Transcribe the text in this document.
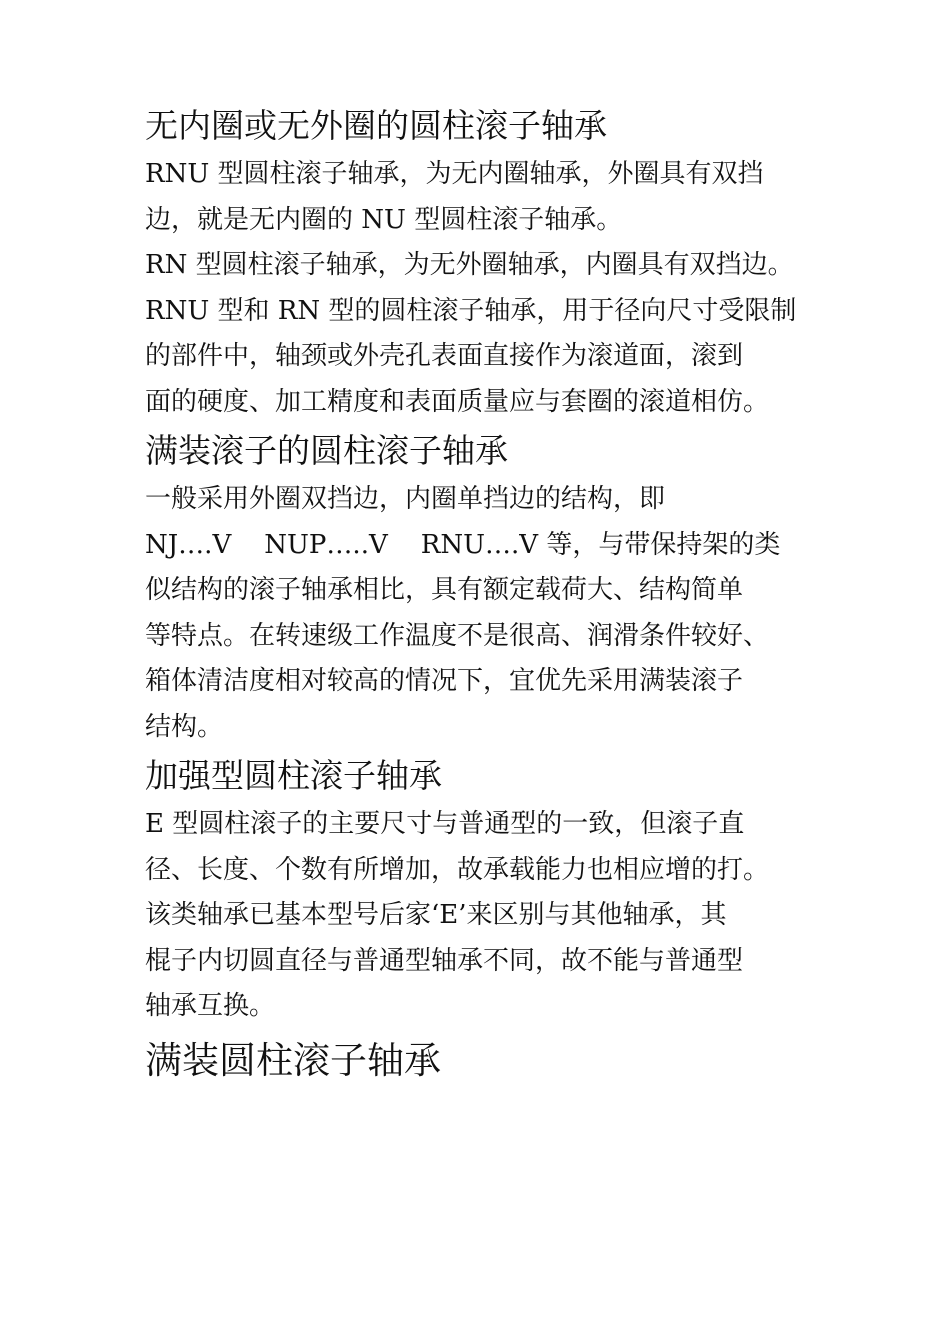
无内圈或无外圈的圆柱滚子轴承

RNU 型圆柱滚子轴承，为无内圈轴承，外圈具有双挡
边，就是无内圈的 NU 型圆柱滚子轴承。

RN 型圆柱滚子轴承，为无外圈轴承，内圈具有双挡边。

RNU 型和 RN 型的圆柱滚子轴承，用于径向尺寸受限制
的部件中，轴颈或外壳孔表面直接作为滚道面，滚到
面的硬度、加工精度和表面质量应与套圈的滚道相仿。

满装滚子的圆柱滚子轴承

一般采用外圈双挡边，内圈单挡边的结构，即
NJ….V    NUP…..V    RNU….V 等，与带保持架的类
似结构的滚子轴承相比，具有额定载荷大、结构简单
等特点。在转速级工作温度不是很高、润滑条件较好、
箱体清洁度相对较高的情况下，宜优先采用满装滚子
结构。

加强型圆柱滚子轴承

E 型圆柱滚子的主要尺寸与普通型的一致，但滚子直
径、长度、个数有所增加，故承载能力也相应增的打。
该类轴承已基本型号后家‘E’来区别与其他轴承，其
棍子内切圆直径与普通型轴承不同，故不能与普通型
轴承互换。

满装圆柱滚子轴承
